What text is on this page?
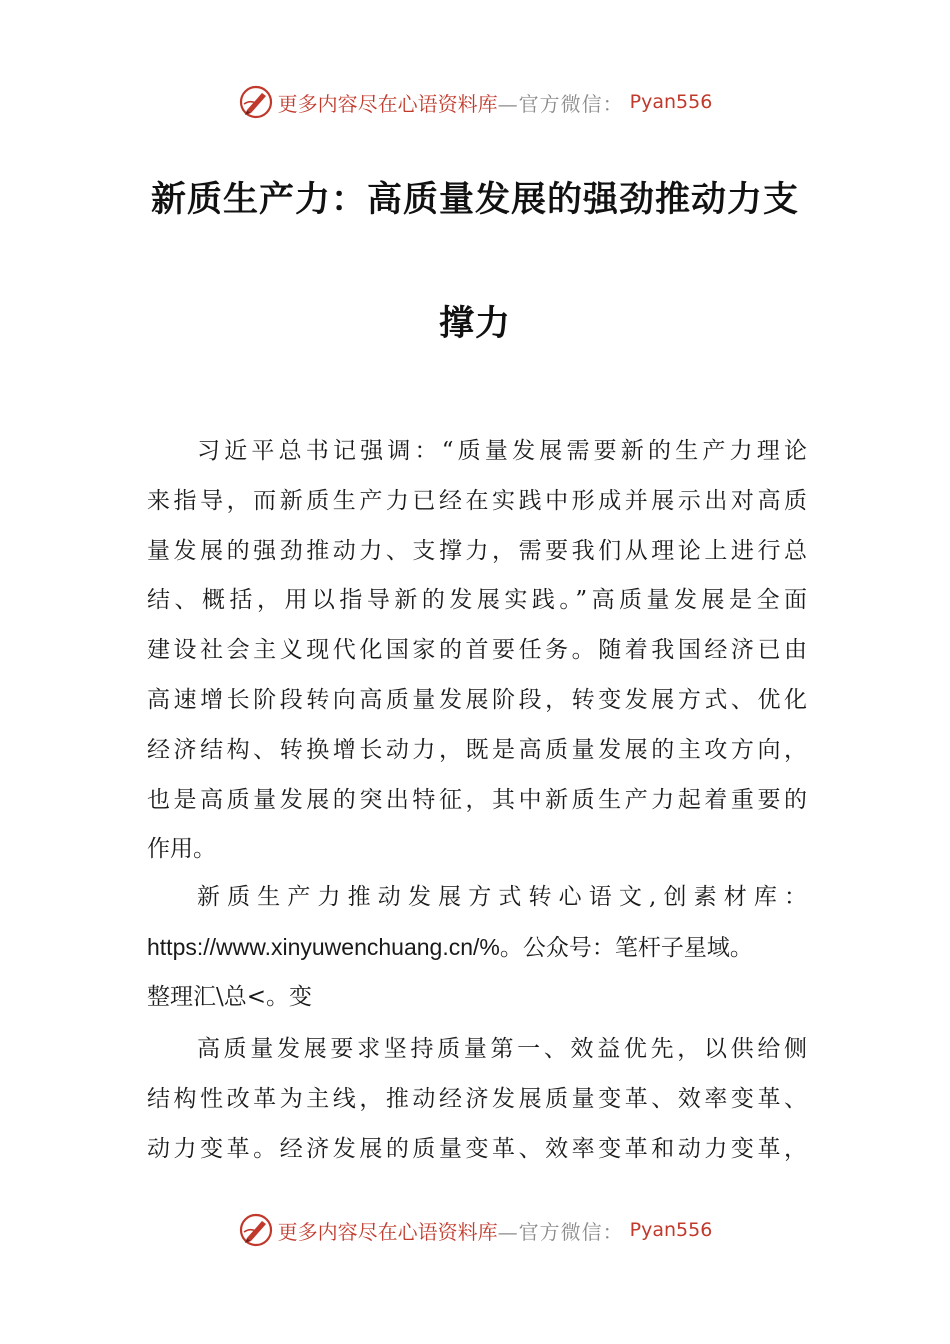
更多内容尽在心语资料库 —官方微信： Pyan556
新质生产力：高质量发展的强劲推动力支
撑力
习近平总书记强调：“质量发展需要新的生产力理论
来指导，而新质生产力已经在实践中形成并展示出对高质
量发展的强劲推动力、支撑力，需要我们从理论上进行总
结、概括，用以指导新的发展实践。”高质量发展是全面
建设社会主义现代化国家的首要任务。随着我国经济已由
高速增长阶段转向高质量发展阶段，转变发展方式、优化
经济结构、转换增长动力，既是高质量发展的主攻方向，
也是高质量发展的突出特征，其中新质生产力起着重要的
作用。
新质生产力推动发展方式转心语文,创素材库：
https://www.xinyuwenchuang.cn/%。公众号：笔杆子星域。
整理汇\总<。变
高质量发展要求坚持质量第一、效益优先，以供给侧
结构性改革为主线，推动经济发展质量变革、效率变革、
动力变革。经济发展的质量变革、效率变革和动力变革，
更多内容尽在心语资料库 —官方微信： Pyan556
